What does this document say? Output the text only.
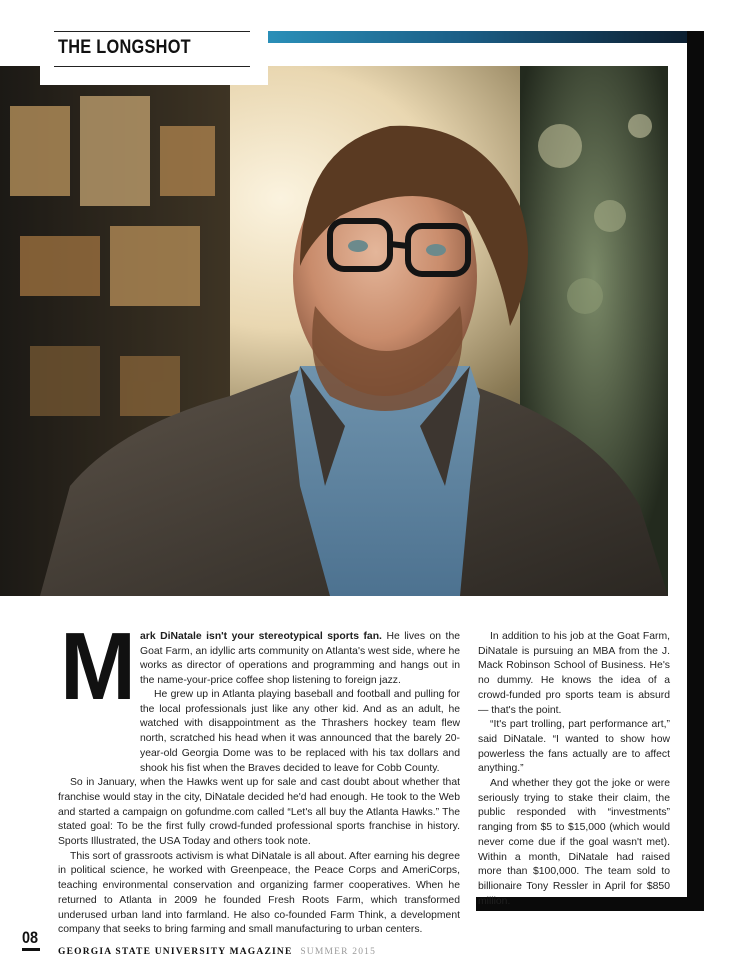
THE LONGSHOT
M ark DiNatale isn't your stereotypical sports fan. He lives on the Goat Farm, an idyllic arts community on Atlanta's west side, where he works as director of operations and programming and hangs out in the name-your-price coffee shop listening to foreign jazz.

He grew up in Atlanta playing baseball and football and pulling for the local professionals just like any other kid. And as an adult, he watched with disappointment as the Thrashers hockey team flew north, scratched his head when it was announced that the barely 20-year-old Georgia Dome was to be replaced with his tax dollars and shook his fist when the Braves decided to leave for Cobb County.

So in January, when the Hawks went up for sale and cast doubt about whether that franchise would stay in the city, DiNatale decided he'd had enough. He took to the Web and started a campaign on gofundme.com called “Let's all buy the Atlanta Hawks.” The stated goal: To be the first fully crowd-funded professional sports franchise in history. Sports Illustrated, the USA Today and others took note.

This sort of grassroots activism is what DiNatale is all about. After earning his degree in political science, he worked with Greenpeace, the Peace Corps and AmeriCorps, teaching environmental conservation and organizing farmer cooperatives. When he returned to Atlanta in 2009 he founded Fresh Roots Farm, which transformed underused urban land into farmland. He also co-founded Farm Think, a development company that seeks to bring farming and small manufacturing to urban centers.

In addition to his job at the Goat Farm, DiNatale is pursuing an MBA from the J. Mack Robinson School of Business. He's no dummy. He knows the idea of a crowd-funded pro sports team is absurd — that's the point.

“It's part trolling, part performance art,” said DiNatale. “I wanted to show how powerless the fans actually are to affect anything.”

And whether they got the joke or were seriously trying to stake their claim, the public responded with “investments” ranging from $5 to $15,000 (which would never come due if the goal wasn't met). Within a month, DiNatale had raised more than $100,000. The team sold to billionaire Tony Ressler in April for $850 million.

08
GEORGIA STATE UNIVERSITY MAGAZINE SUMMER 2015
